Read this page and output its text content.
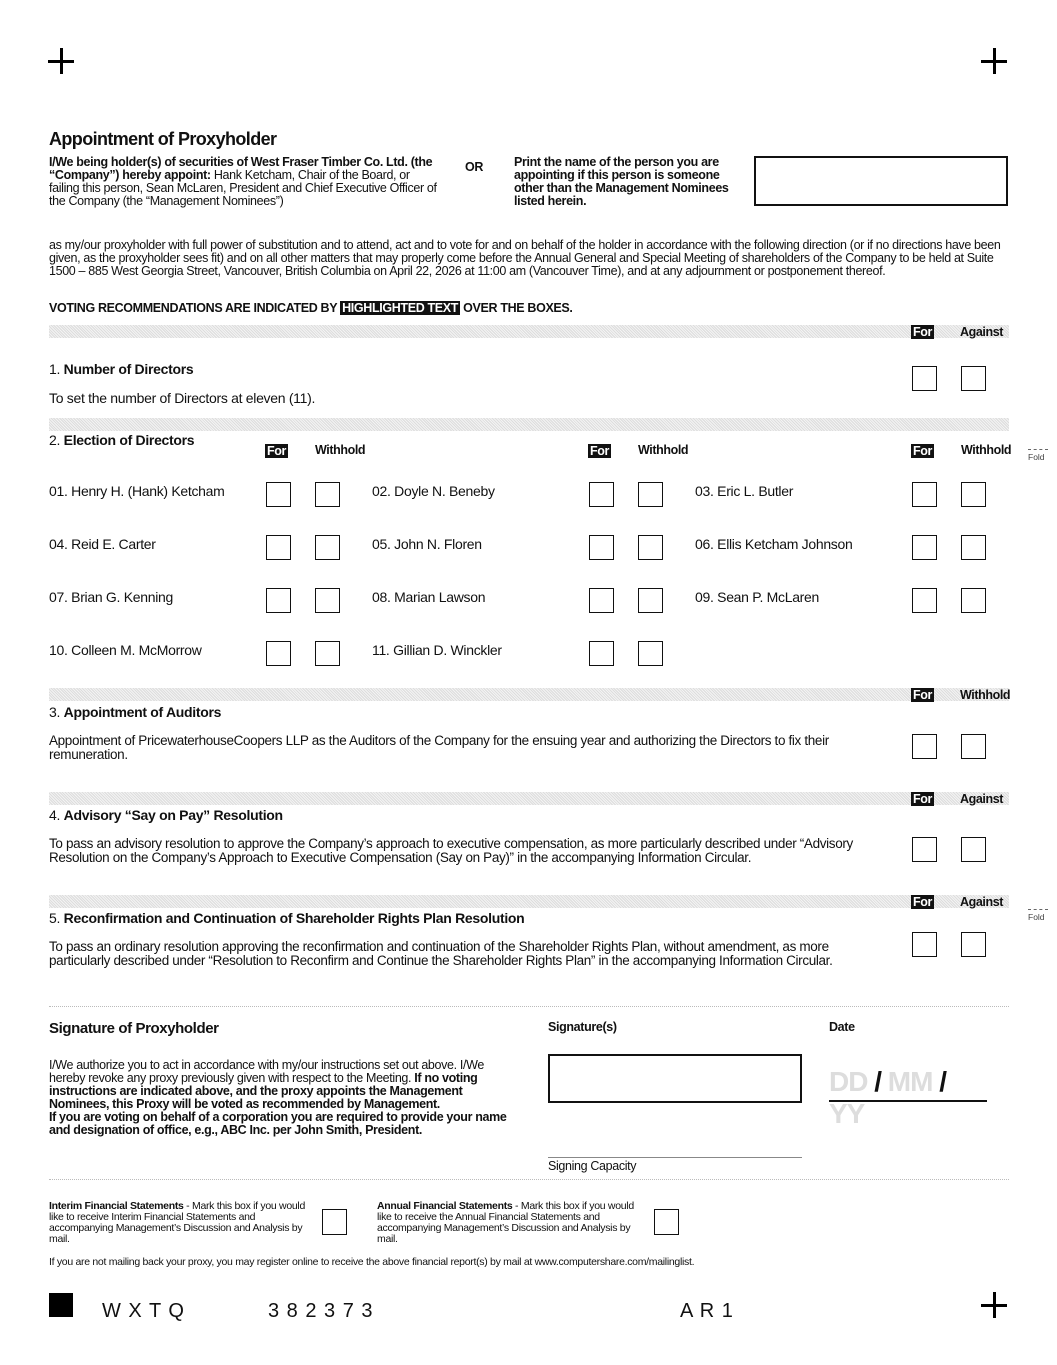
Appointment of Proxyholder
I/We being holder(s) of securities of West Fraser Timber Co. Ltd. (the “Company”) hereby appoint: Hank Ketcham, Chair of the Board, or failing this person, Sean McLaren, President and Chief Executive Officer of the Company (the “Management Nominees”)
OR Print the name of the person you are appointing if this person is someone other than the Management Nominees listed herein.
as my/our proxyholder with full power of substitution and to attend, act and to vote for and on behalf of the holder in accordance with the following direction (or if no directions have been given, as the proxyholder sees fit) and on all other matters that may properly come before the Annual General and Special Meeting of shareholders of the Company to be held at Suite 1500 – 885 West Georgia Street, Vancouver, British Columbia on April 22, 2026 at 11:00 am (Vancouver Time), and at any adjournment or postponement thereof.
VOTING RECOMMENDATIONS ARE INDICATED BY HIGHLIGHTED TEXT OVER THE BOXES.
For Against
1. Number of Directors
To set the number of Directors at eleven (11).
2. Election of Directors
For Withhold	For Withhold	For Withhold Fold
01. Henry H. (Hank) Ketcham	02. Doyle N. Beneby	03. Eric L. Butler
04. Reid E. Carter	05. John N. Floren	06. Ellis Ketcham Johnson
07. Brian G. Kenning	08. Marian Lawson	09. Sean P. McLaren
10. Colleen M. McMorrow	11. Gillian D. Winckler
For Withhold
3. Appointment of Auditors
Appointment of PricewaterhouseCoopers LLP as the Auditors of the Company for the ensuing year and authorizing the Directors to fix their remuneration.
For Against
4. Advisory “Say on Pay” Resolution
To pass an advisory resolution to approve the Company’s approach to executive compensation, as more particularly described under “Advisory Resolution on the Company’s Approach to Executive Compensation (Say on Pay)” in the accompanying Information Circular.
For Against
Fold
5. Reconfirmation and Continuation of Shareholder Rights Plan Resolution
To pass an ordinary resolution approving the reconfirmation and continuation of the Shareholder Rights Plan, without amendment, as more particularly described under “Resolution to Reconfirm and Continue the Shareholder Rights Plan” in the accompanying Information Circular.
Signature of Proxyholder	Signature(s)	Date
I/We authorize you to act in accordance with my/our instructions set out above. I/We hereby revoke any proxy previously given with respect to the Meeting. If no voting instructions are indicated above, and the proxy appoints the Management Nominees, this Proxy will be voted as recommended by Management.
If you are voting on behalf of a corporation you are required to provide your name and designation of office, e.g., ABC Inc. per John Smith, President.
DD / MM / YY
Signing Capacity
Interim Financial Statements - Mark this box if you would like to receive Interim Financial Statements and accompanying Management’s Discussion and Analysis by mail.
Annual Financial Statements - Mark this box if you would like to receive the Annual Financial Statements and accompanying Management’s Discussion and Analysis by mail.
If you are not mailing back your proxy, you may register online to receive the above financial report(s) by mail at www.computershare.com/mailinglist.
W X T Q	3 8 2 3 7 3	A R 1
